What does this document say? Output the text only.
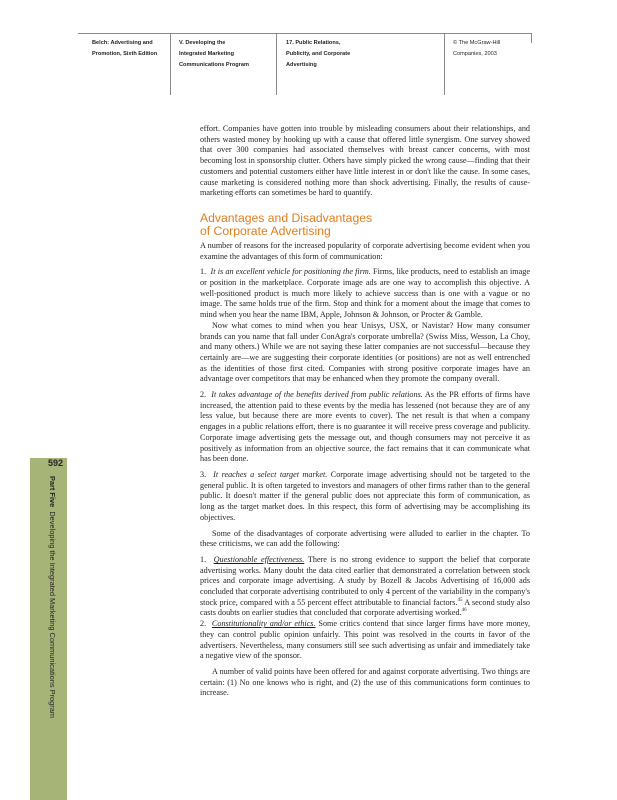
Belch: Advertising and
Promotion, Sixth Edition
V. Developing the
Integrated Marketing
Communications Program
17. Public Relations,
Publicity, and Corporate
Advertising
© The McGraw-Hill
Companies, 2003
592
Part Five  Developing the Integrated Marketing Communications Program

effort. Companies have gotten into trouble by misleading consumers about their relationships, and others wasted money by hooking up with a cause that offered little synergism. One survey showed that over 300 companies had associated themselves with breast cancer concerns, with most becoming lost in sponsorship clutter. Others have simply picked the wrong cause—finding that their customers and potential customers either have little interest in or don't like the cause. In some cases, cause marketing is considered nothing more than shock advertising. Finally, the results of cause-marketing efforts can sometimes be hard to quantify.

Advantages and Disadvantages
of Corporate Advertising

A number of reasons for the increased popularity of corporate advertising become evident when you examine the advantages of this form of communication:

1. It is an excellent vehicle for positioning the firm. Firms, like products, need to establish an image or position in the marketplace. Corporate image ads are one way to accomplish this objective. A well-positioned product is much more likely to achieve success than is one with a vague or no image. The same holds true of the firm. Stop and think for a moment about the image that comes to mind when you hear the name IBM, Apple, Johnson & Johnson, or Procter & Gamble.

Now what comes to mind when you hear Unisys, USX, or Navistar? How many consumer brands can you name that fall under ConAgra's corporate umbrella? (Swiss Miss, Wesson, La Choy, and many others.) While we are not saying these latter companies are not successful—because they certainly are—we are suggesting their corporate identities (or positions) are not as well entrenched as the identities of those first cited. Companies with strong positive corporate images have an advantage over competitors that may be enhanced when they promote the company overall.

2. It takes advantage of the benefits derived from public relations. As the PR efforts of firms have increased, the attention paid to these events by the media has lessened (not because they are of any less value, but because there are more events to cover). The net result is that when a company engages in a public relations effort, there is no guarantee it will receive press coverage and publicity. Corporate image advertising gets the message out, and though consumers may not perceive it as positively as information from an objective source, the fact remains that it can communicate what has been done.

3. It reaches a select target market. Corporate image advertising should not be targeted to the general public. It is often targeted to investors and managers of other firms rather than to the general public. It doesn't matter if the general public does not appreciate this form of communication, as long as the target market does. In this respect, this form of advertising may be accomplishing its objectives.

Some of the disadvantages of corporate advertising were alluded to earlier in the chapter. To these criticisms, we can add the following:

1. Questionable effectiveness. There is no strong evidence to support the belief that corporate advertising works. Many doubt the data cited earlier that demonstrated a correlation between stock prices and corporate image advertising. A study by Bozell & Jacobs Advertising of 16,000 ads concluded that corporate advertising contributed to only 4 percent of the variability in the company's stock price, compared with a 55 percent effect attributable to financial factors.$^{45}$ A second study also casts doubts on earlier studies that concluded that corporate advertising worked.$^{46}$

2. Constitutionality and/or ethics. Some critics contend that since larger firms have more money, they can control public opinion unfairly. This point was resolved in the courts in favor of the advertisers. Nevertheless, many consumers still see such advertising as unfair and immediately take a negative view of the sponsor.

A number of valid points have been offered for and against corporate advertising. Two things are certain: (1) No one knows who is right, and (2) the use of this communications form continues to increase.
